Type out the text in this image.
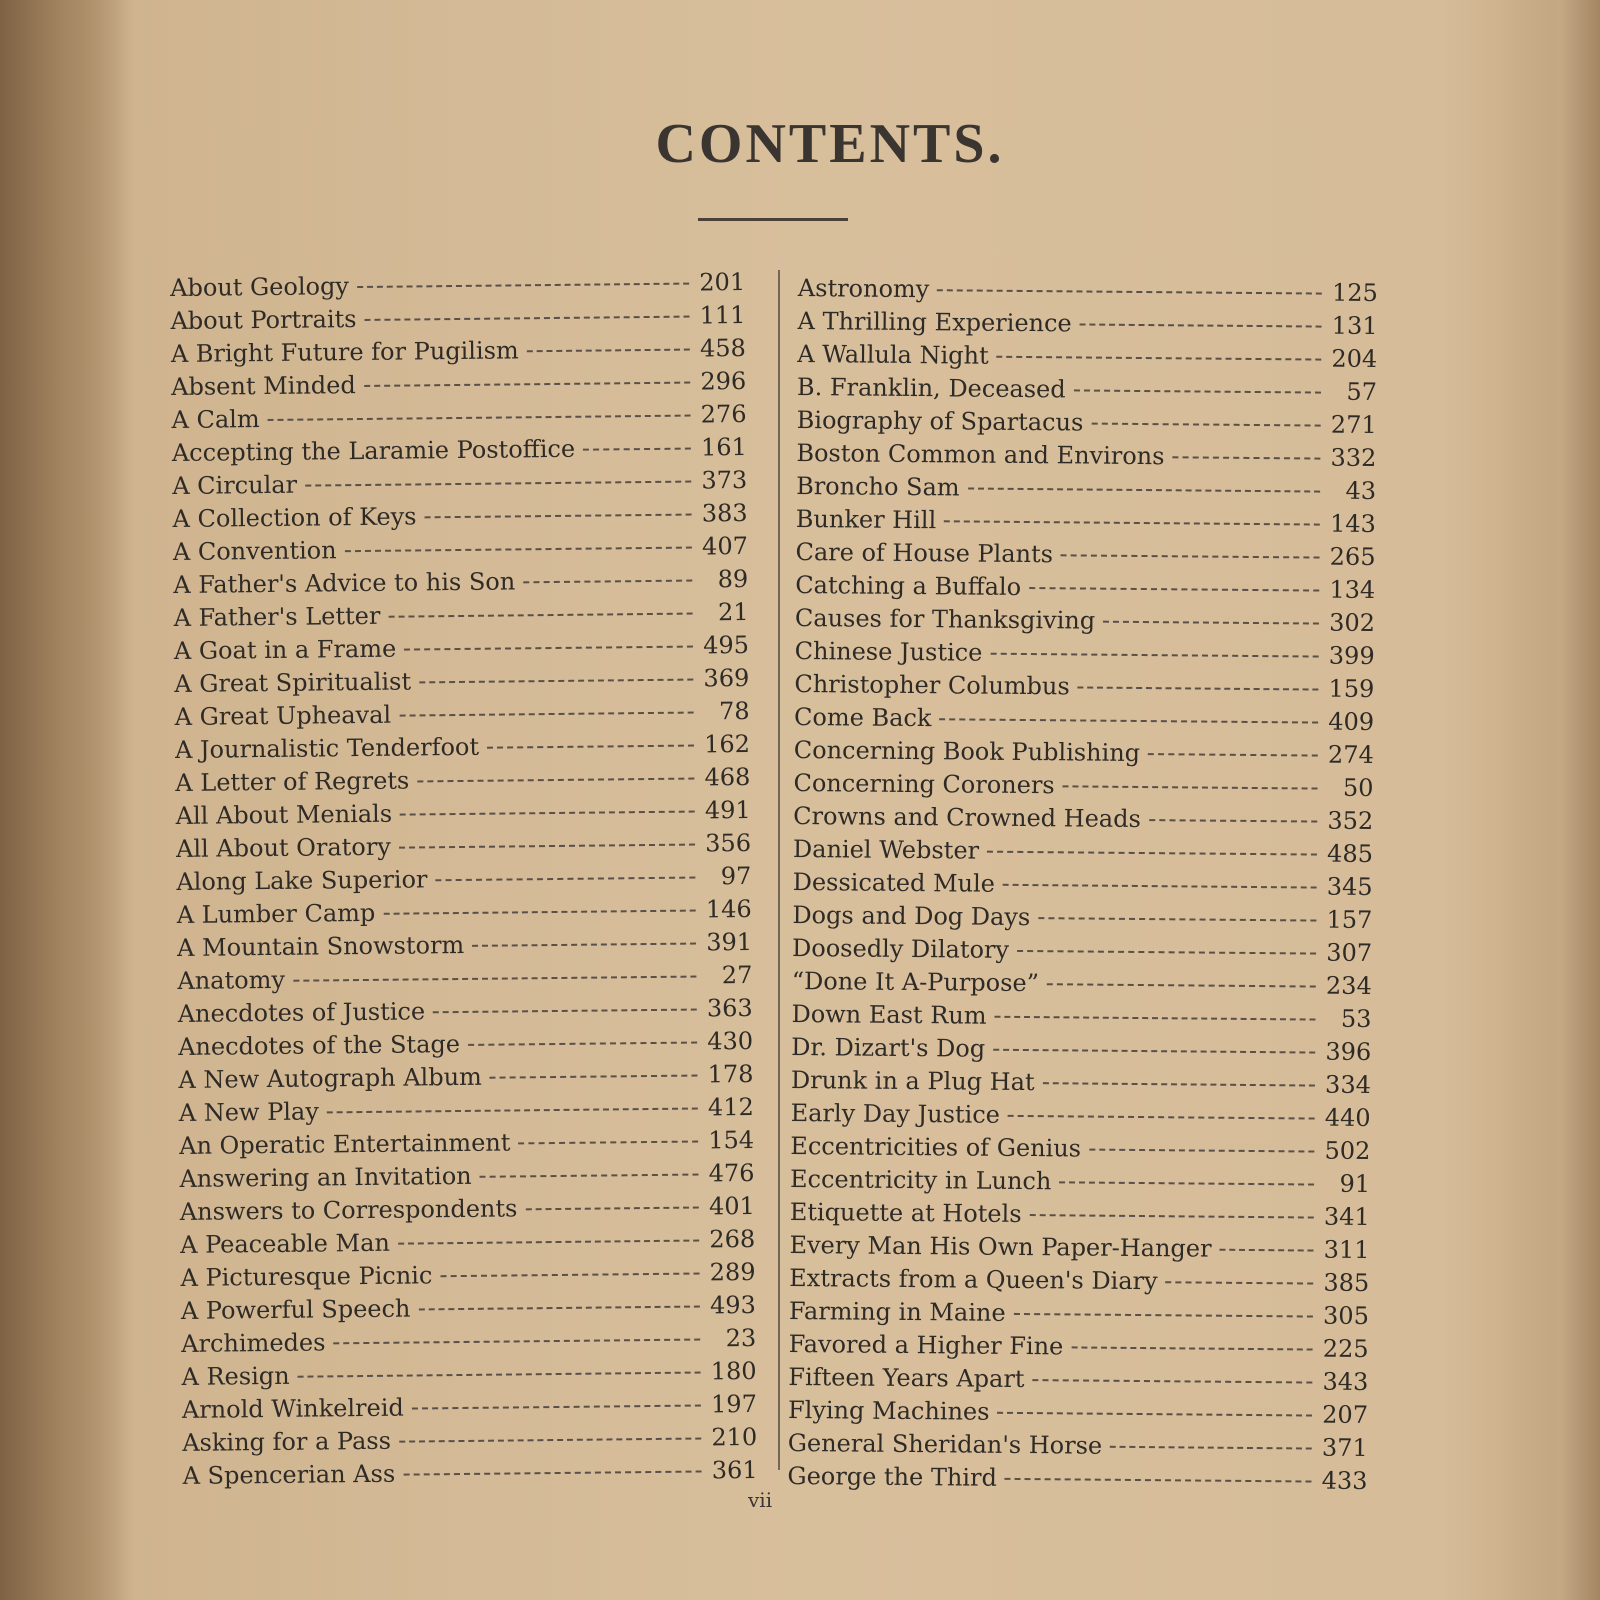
CONTENTS.
About Geology	201
About Portraits	111
A Bright Future for Pugilism	458
Absent Minded	296
A Calm	276
Accepting the Laramie Postoffice	161
A Circular	373
A Collection of Keys	383
A Convention	407
A Father's Advice to his Son	89
A Father's Letter	21
A Goat in a Frame	495
A Great Spiritualist	369
A Great Upheaval	78
A Journalistic Tenderfoot	162
A Letter of Regrets	468
All About Menials	491
All About Oratory	356
Along Lake Superior	97
A Lumber Camp	146
A Mountain Snowstorm	391
Anatomy	27
Anecdotes of Justice	363
Anecdotes of the Stage	430
A New Autograph Album	178
A New Play	412
An Operatic Entertainment	154
Answering an Invitation	476
Answers to Correspondents	401
A Peaceable Man	268
A Picturesque Picnic	289
A Powerful Speech	493
Archimedes	23
A Resign	180
Arnold Winkelreid	197
Asking for a Pass	210
A Spencerian Ass	361
Astronomy	125
A Thrilling Experience	131
A Wallula Night	204
B. Franklin, Deceased	57
Biography of Spartacus	271
Boston Common and Environs	332
Broncho Sam	43
Bunker Hill	143
Care of House Plants	265
Catching a Buffalo	134
Causes for Thanksgiving	302
Chinese Justice	399
Christopher Columbus	159
Come Back	409
Concerning Book Publishing	274
Concerning Coroners	50
Crowns and Crowned Heads	352
Daniel Webster	485
Dessicated Mule	345
Dogs and Dog Days	157
Doosedly Dilatory	307
“Done It A-Purpose”	234
Down East Rum	53
Dr. Dizart's Dog	396
Drunk in a Plug Hat	334
Early Day Justice	440
Eccentricities of Genius	502
Eccentricity in Lunch	91
Etiquette at Hotels	341
Every Man His Own Paper-Hanger	311
Extracts from a Queen's Diary	385
Farming in Maine	305
Favored a Higher Fine	225
Fifteen Years Apart	343
Flying Machines	207
General Sheridan's Horse	371
George the Third	433
vii
